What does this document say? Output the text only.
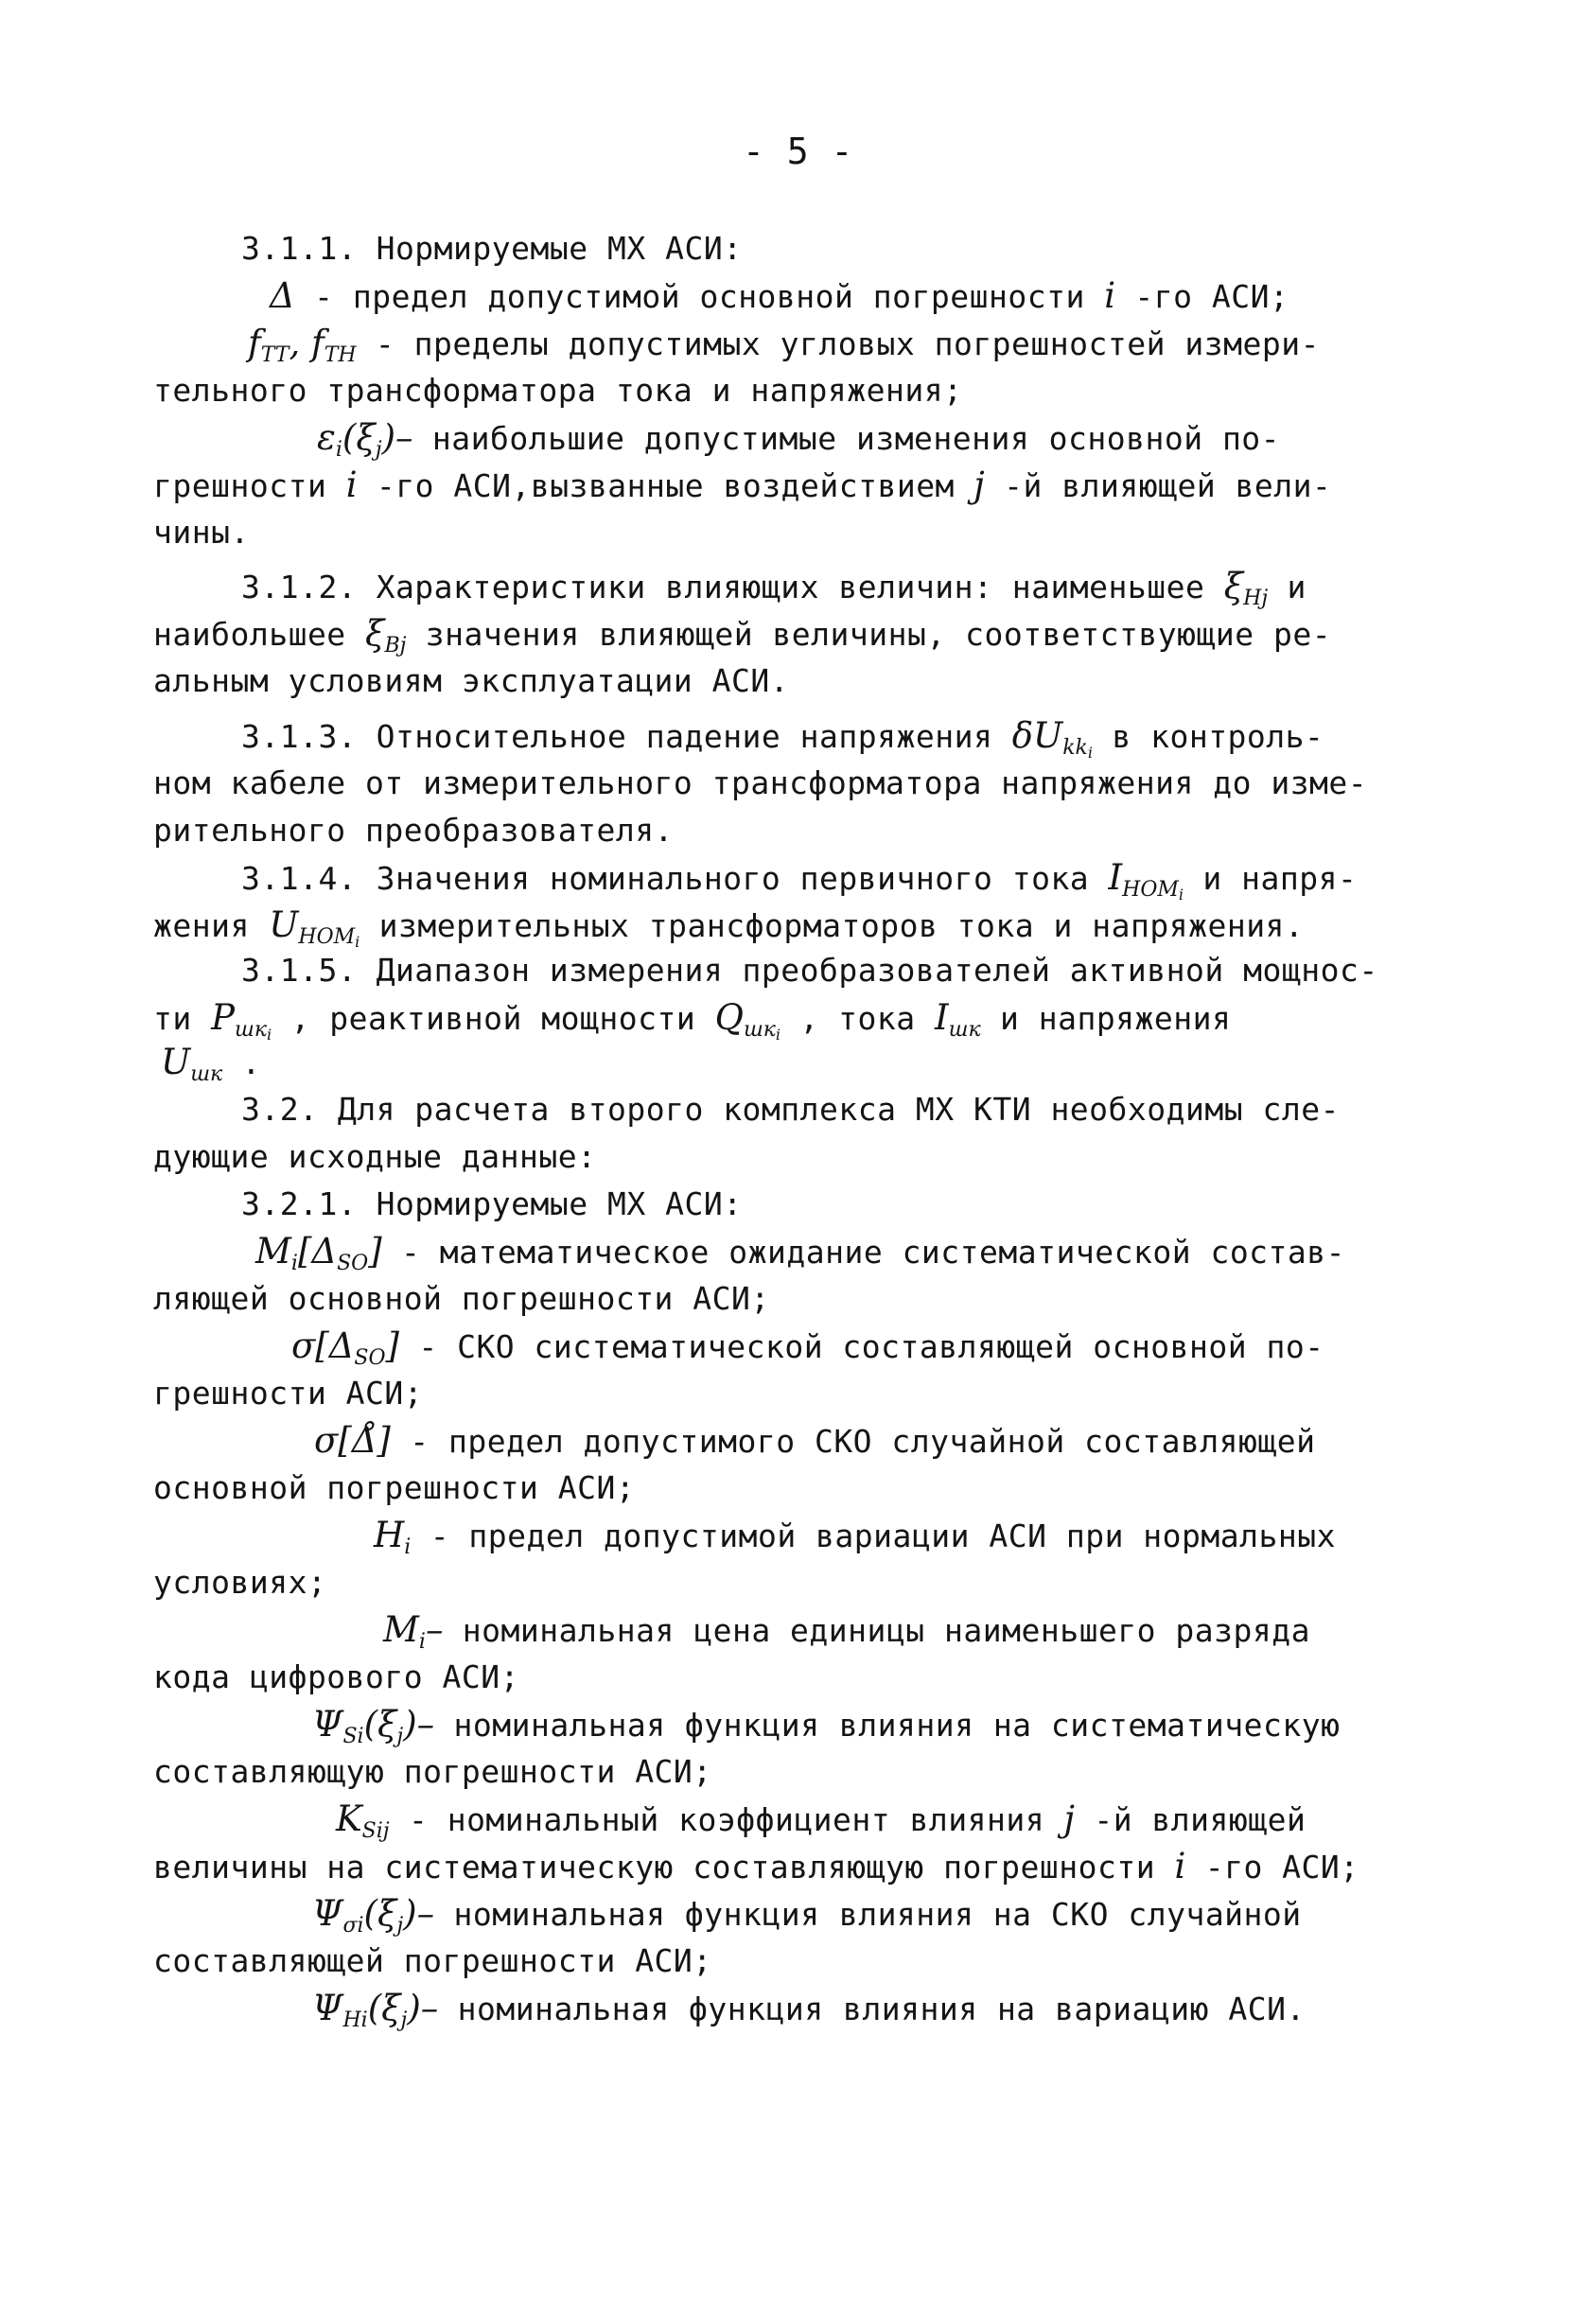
- 5 -
3.1.1. Нормируемые МХ АСИ:
Δ - предел допустимой основной погрешности i -го АСИ;
$f_{TT}$, $f_{TH}$ - пределы допустимых угловых погрешностей измери-
тельного трансформатора тока и напряжения;
$\varepsilon_i(\xi_j)-$ наибольшие допустимые изменения основной по-
грешности i -го АСИ,вызванные воздействием j -й влияющей вели-
чины.
3.1.2. Характеристики влияющих величин: наименьшее $\xi_{Hj}$ и
наибольшее $\xi_{Bj}$ значения влияющей величины, соответствующие ре-
альным условиям эксплуатации АСИ.
3.1.3. Относительное падение напряжения $\delta U_{kk_i}$ в контроль-
ном кабеле от измерительного трансформатора напряжения до изме-
рительного преобразователя.
3.1.4. Значения номинального первичного тока $I_{HOM_i}$ и напря-
жения $U_{HOM_i}$ измерительных трансформаторов тока и напряжения.
3.1.5. Диапазон измерения преобразователей активной мощнос-
ти $P_{шк_i}$ , реактивной мощности $Q_{шк_i}$ , тока $I_{шк}$ и напряжения
$U_{шк}$ .
3.2. Для расчета второго комплекса МХ КТИ необходимы сле-
дующие исходные данные:
3.2.1. Нормируемые МХ АСИ:
$M_i[\Delta_{SO}]$ - математическое ожидание систематической состав-
ляющей основной погрешности АСИ;
$\sigma[\Delta_{SO}]$ - СКО систематической составляющей основной по-
грешности АСИ;
σ[Δ̊] - предел допустимого СКО случайной составляющей
основной погрешности АСИ;
$H_i$ - предел допустимой вариации АСИ при нормальных
условиях;
$M_i-$ номинальная цена единицы наименьшего разряда
кода цифрового АСИ;
$\Psi_{Si}(\xi_j)-$ номинальная функция влияния на систематическую
составляющую погрешности АСИ;
$K_{Sij}$ - номинальный коэффициент влияния j -й влияющей
величины на систематическую составляющую погрешности i -го АСИ;
$\Psi_{\sigma i}(\xi_j)-$ номинальная функция влияния на СКО случайной
составляющей погрешности АСИ;
$\Psi_{Hi}(\xi_j)-$ номинальная функция влияния на вариацию АСИ.
